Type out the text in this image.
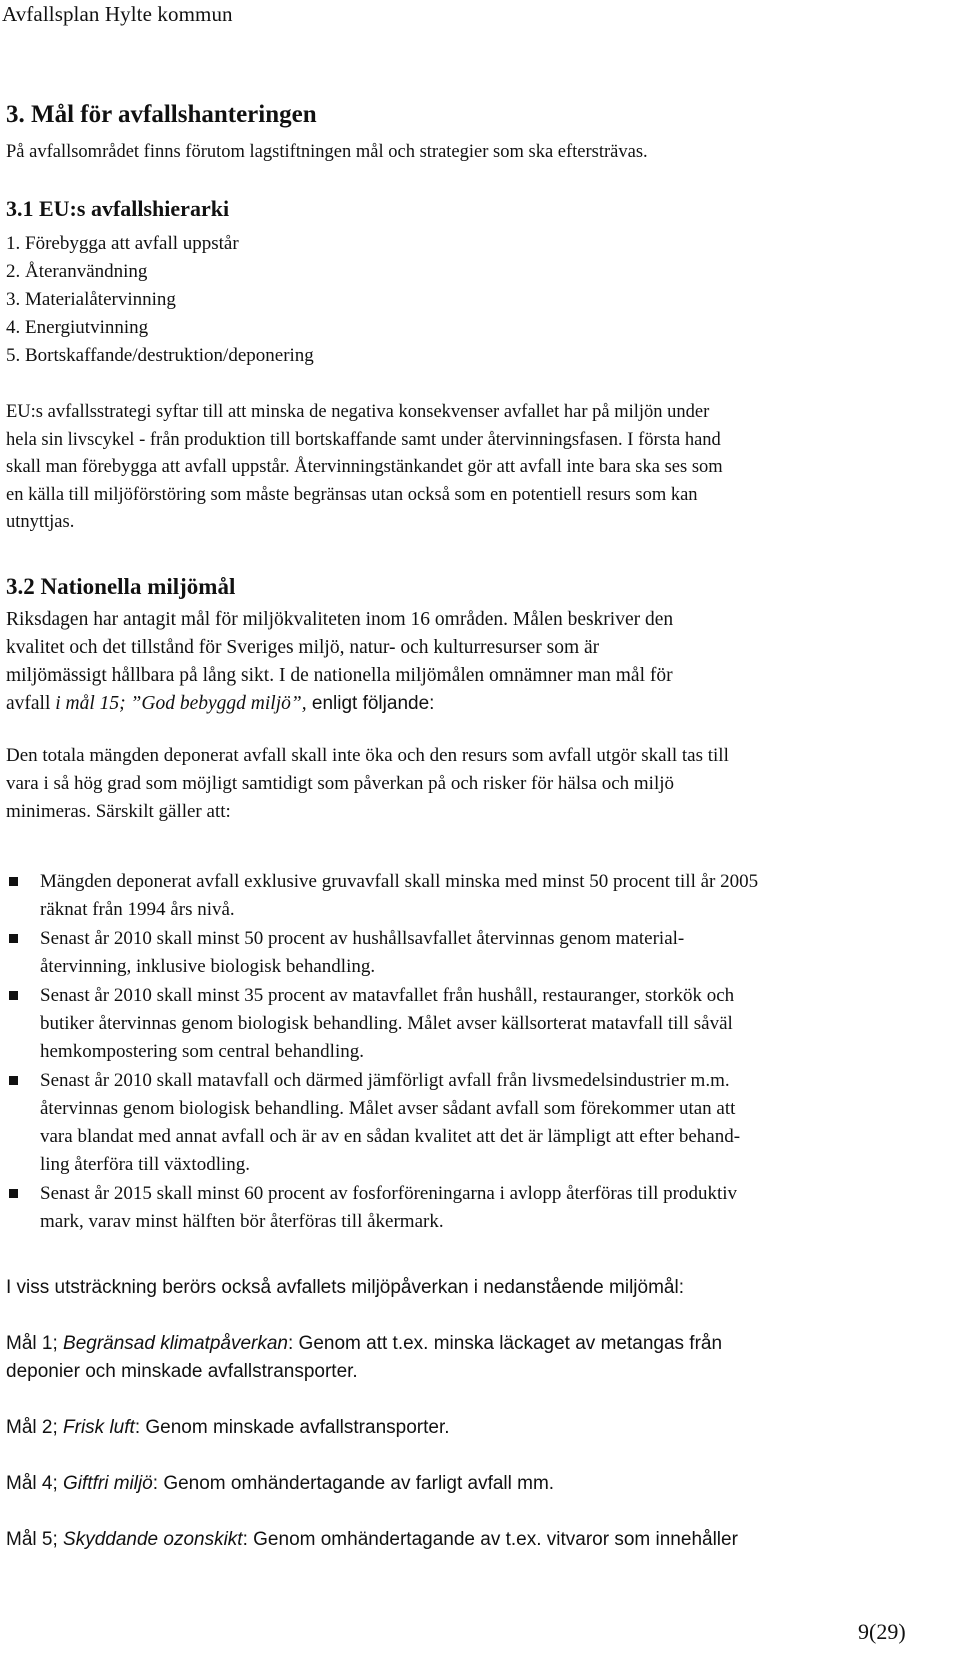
Avfallsplan Hylte kommun
3. Mål för avfallshanteringen
På avfallsområdet finns förutom lagstiftningen mål och strategier som ska eftersträvas.
3.1 EU:s avfallshierarki
1. Förebygga att avfall uppstår
2. Återanvändning
3. Materialåtervinning
4. Energiutvinning
5. Bortskaffande/destruktion/deponering
EU:s avfallsstrategi syftar till att minska de negativa konsekvenser avfallet har på miljön under
hela sin livscykel - från produktion till bortskaffande samt under återvinningsfasen. I första hand
skall man förebygga att avfall uppstår. Återvinningstänkandet gör att avfall inte bara ska ses som
en källa till miljöförstöring som måste begränsas utan också som en potentiell resurs som kan
utnyttjas.
3.2 Nationella miljömål
Riksdagen har antagit mål för miljökvaliteten inom 16 områden. Målen beskriver den
kvalitet och det tillstånd för Sveriges miljö, natur- och kulturresurser som är
miljömässigt hållbara på lång sikt. I de nationella miljömålen omnämner man mål för
avfall i mål 15; ”God bebyggd miljö”, enligt följande:
Den totala mängden deponerat avfall skall inte öka och den resurs som avfall utgör skall tas till
vara i så hög grad som möjligt samtidigt som påverkan på och risker för hälsa och miljö
minimeras. Särskilt gäller att:
Mängden deponerat avfall exklusive gruvavfall skall minska med minst 50 procent till år 2005
räknat från 1994 års nivå.
Senast år 2010 skall minst 50 procent av hushållsavfallet återvinnas genom material-
återvinning, inklusive biologisk behandling.
Senast år 2010 skall minst 35 procent av matavfallet från hushåll, restauranger, storkök och
butiker återvinnas genom biologisk behandling. Målet avser källsorterat matavfall till såväl
hemkompostering som central behandling.
Senast år 2010 skall matavfall och därmed jämförligt avfall från livsmedelsindustrier m.m.
återvinnas genom biologisk behandling. Målet avser sådant avfall som förekommer utan att
vara blandat med annat avfall och är av en sådan kvalitet att det är lämpligt att efter behand-
ling återföra till växtodling.
Senast år 2015 skall minst 60 procent av fosforföreningarna i avlopp återföras till produktiv
mark, varav minst hälften bör återföras till åkermark.
I viss utsträckning berörs också avfallets miljöpåverkan i nedanstående miljömål:
Mål 1; Begränsad klimatpåverkan: Genom att t.ex. minska läckaget av metangas från
deponier och minskade avfallstransporter.
Mål 2; Frisk luft: Genom minskade avfallstransporter.
Mål 4; Giftfri miljö: Genom omhändertagande av farligt avfall mm.
Mål 5; Skyddande ozonskikt: Genom omhändertagande av t.ex. vitvaror som innehåller
9(29)
